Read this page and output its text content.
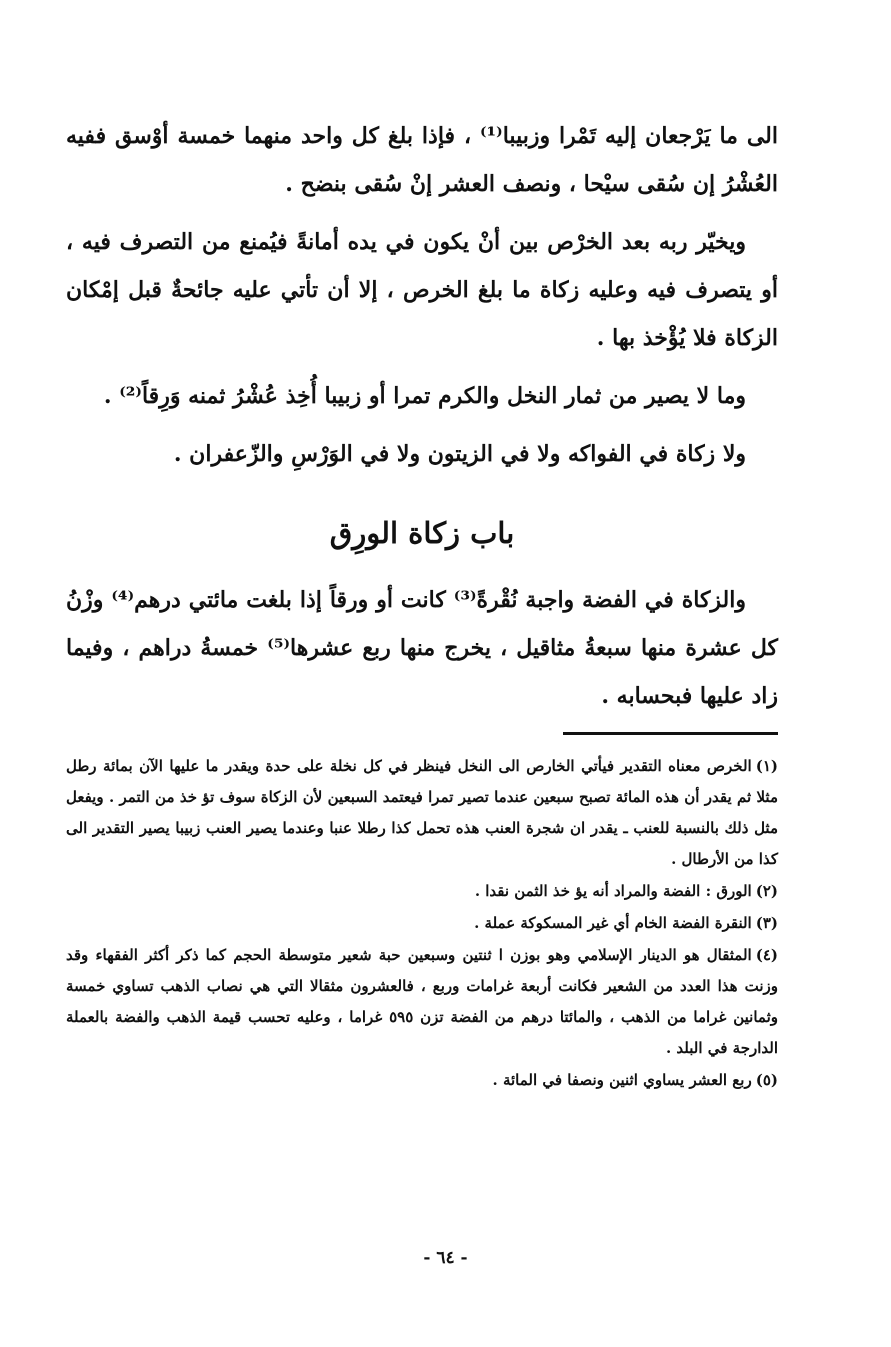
الى ما يَرْجعان إليه تَمْرا وزبيبا⁽¹⁾ ، فإذا بلغ كل واحد منهما خمسة أوْسق ففيه العُشْرُ إن سُقى سيْحا ، ونصف العشر إنْ سُقى بنضح .

ويخيّر ربه بعد الخرْص بين أنْ يكون في يده أمانةً فيُمنع من التصرف فيه ، أو يتصرف فيه وعليه زكاة ما بلغ الخرص ، إلا أن تأتي عليه جائحةٌ قبل إمْكان الزكاة فلا يُؤْخذ بها .

وما لا يصير من ثمار النخل والكرم تمرا أو زبيبا أُخِذ عُشْرُ ثمنه وَرِقاً⁽²⁾ .

ولا زكاة في الفواكه ولا في الزيتون ولا في الوَرْسِ والزّعفران .

باب زكاة الورِق

والزكاة في الفضة واجبة نُقْرةً⁽³⁾ كانت أو ورقاً إذا بلغت مائتي درهم⁽⁴⁾ وزْنُ كل عشرة منها سبعةُ مثاقيل ، يخرج منها ربع عشرها⁽⁵⁾ خمسةُ دراهم ، وفيما زاد عليها فبحسابه .

(١)الخرص معناه التقدير فيأتي الخارص الى النخل فينظر في كل نخلة على حدة ويقدر ما عليها الآن بمائة رطل مثلا ثم يقدر أن هذه المائة تصبح سبعين عندما تصير تمرا فيعتمد السبعين لأن الزكاة سوف تؤ خذ من التمر . ويفعل مثل ذلك بالنسبة للعنب ـ يقدر ان شجرة العنب هذه تحمل كذا رطلا عنبا وعندما يصير العنب زبيبا يصير التقدير الى كذا من الأرطال .

(٢)الورق : الفضة والمراد أنه يؤ خذ الثمن نقدا .

(٣)النقرة الفضة الخام أي غير المسكوكة عملة .

(٤)المثقال هو الدينار الإسلامي وهو بوزن ا ثنتين وسبعين حبة شعير متوسطة الحجم كما ذكر أكثر الفقهاء وقد وزنت هذا العدد من الشعير فكانت أربعة غرامات وربع ، فالعشرون مثقالا التي هي نصاب الذهب تساوي خمسة وثمانين غراما من الذهب ، والمائتا درهم من الفضة تزن ٥٩٥ غراما ، وعليه تحسب قيمة الذهب والفضة بالعملة الدارجة في البلد .

(٥)ربع العشر يساوي اثنين ونصفا في المائة .

- ٦٤ -
